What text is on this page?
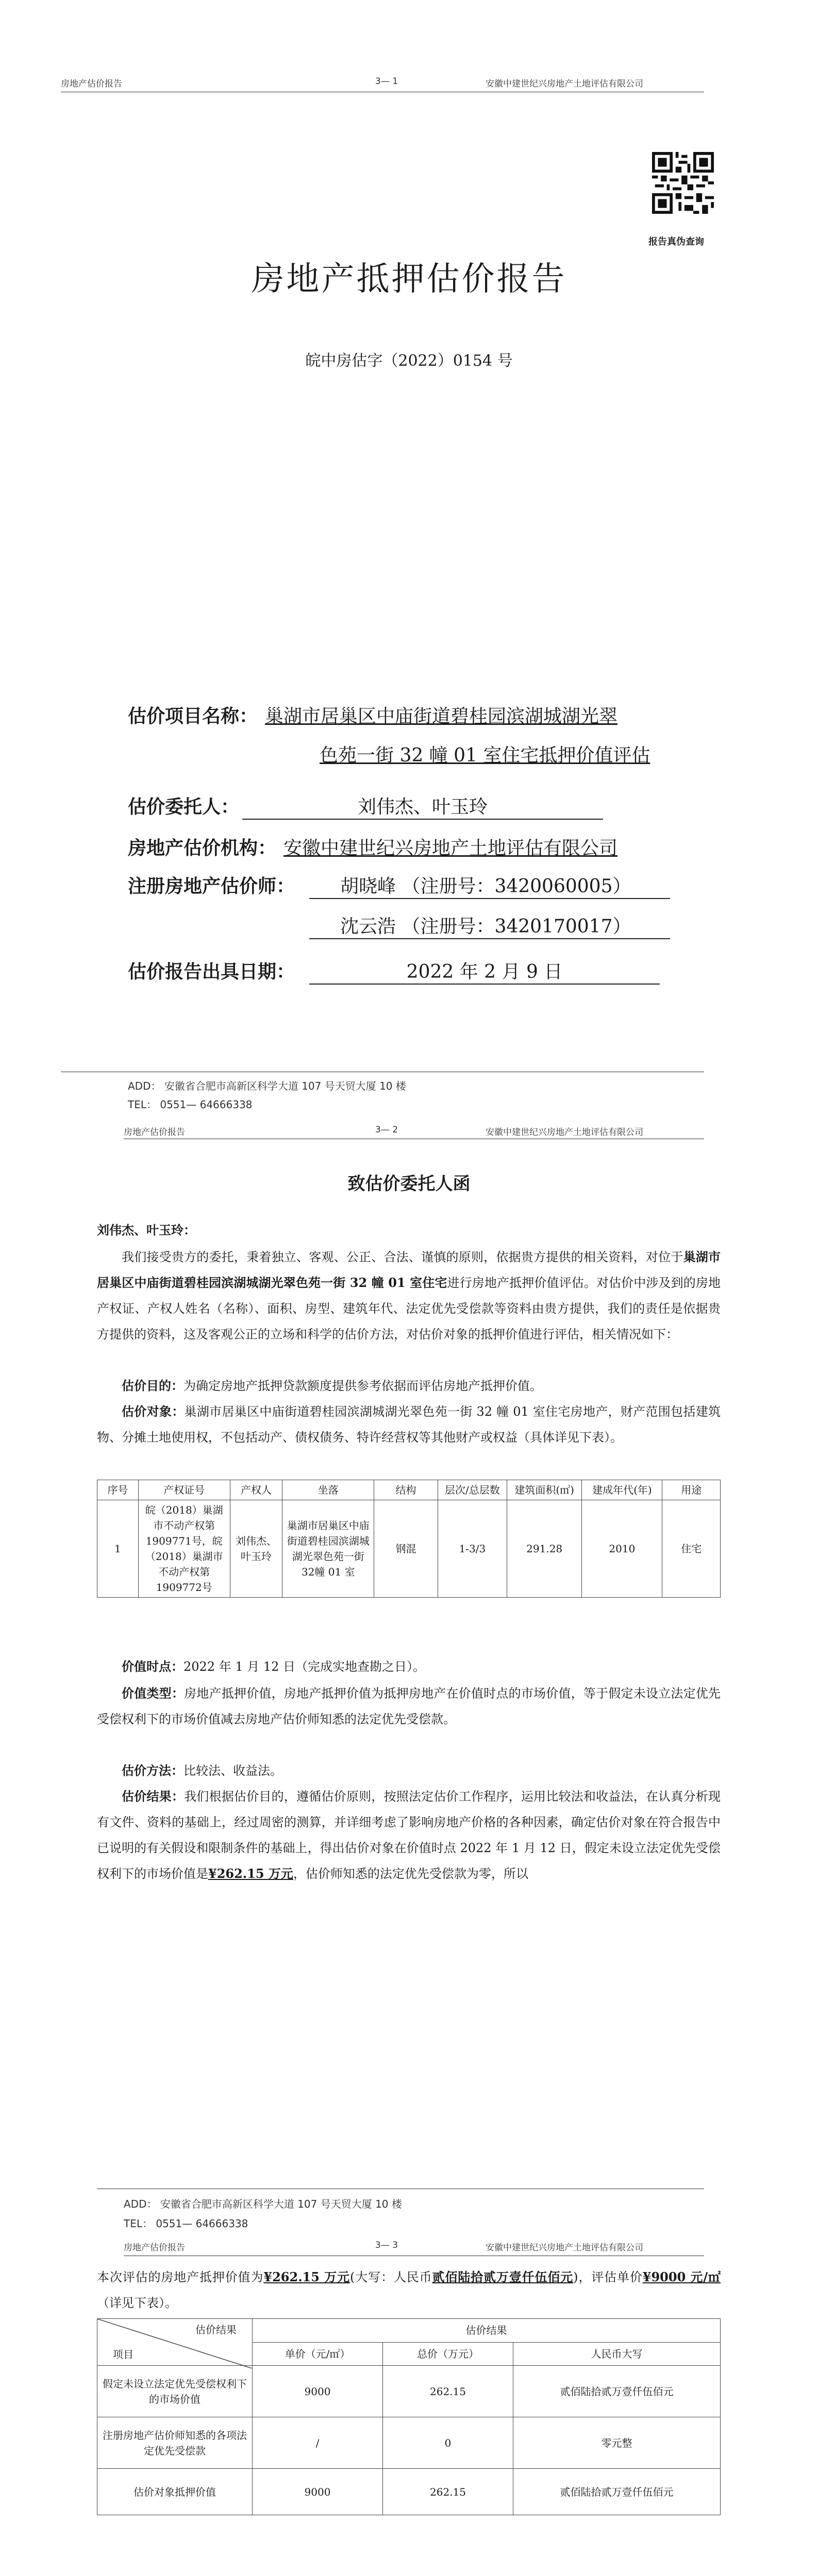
房地产估价报告	3— 1	安徽中建世纪兴房地产土地评估有限公司
报告真伪查询
房地产抵押估价报告
皖中房估字（2022）0154 号
估价项目名称： 巢湖市居巢区中庙街道碧桂园滨湖城湖光翠
色苑一街 32 幢 01 室住宅抵押价值评估
估价委托人：	刘伟杰、叶玉玲
房地产估价机构： 安徽中建世纪兴房地产土地评估有限公司
注册房地产估价师：	胡晓峰 （注册号：3420060005）
沈云浩 （注册号：3420170017）
估价报告出具日期：	2022 年 2 月 9 日
ADD： 安徽省合肥市高新区科学大道 107 号天贸大厦 10 楼
TEL： 0551— 64666338
房地产估价报告	3— 2	安徽中建世纪兴房地产土地评估有限公司
致估价委托人函
刘伟杰、叶玉玲：
我们接受贵方的委托，秉着独立、客观、公正、合法、谨慎的原则，依据贵方提供的相关资料，对位于巢湖市居巢区中庙街道碧桂园滨湖城湖光翠色苑一街 32 幢 01 室住宅进行房地产抵押价值评估。对估价中涉及到的房地产权证、产权人姓名（名称）、面积、房型、建筑年代、法定优先受偿款等资料由贵方提供，我们的责任是依据贵方提供的资料，这及客观公正的立场和科学的估价方法，对估价对象的抵押价值进行评估，相关情况如下：
估价目的：为确定房地产抵押贷款额度提供参考依据而评估房地产抵押价值。
估价对象：巢湖市居巢区中庙街道碧桂园滨湖城湖光翠色苑一街 32 幢 01 室住宅房地产，财产范围包括建筑物、分摊土地使用权，不包括动产、债权债务、特许经营权等其他财产或权益（具体详见下表）。
序号	产权证号	产权人	坐落	结构	层次/总层数	建筑面积(㎡)	建成年代(年)	用途
1	皖（2018）巢湖市不动产权第1909771号，皖（2018）巢湖市不动产权第1909772号	刘伟杰、叶玉玲	巢湖市居巢区中庙街道碧桂园滨湖城湖光翠色苑一街 32幢 01 室	钢混	1-3/3	291.28	2010	住宅
价值时点：2022 年 1 月 12 日（完成实地查勘之日）。
价值类型：房地产抵押价值，房地产抵押价值为抵押房地产在价值时点的市场价值，等于假定未设立法定优先受偿权利下的市场价值减去房地产估价师知悉的法定优先受偿款。
估价方法：比较法、收益法。
估价结果：我们根据估价目的，遵循估价原则，按照法定估价工作程序，运用比较法和收益法，在认真分析现有文件、资料的基础上，经过周密的测算，并详细考虑了影响房地产价格的各种因素，确定估价对象在符合报告中已说明的有关假设和限制条件的基础上，得出估价对象在价值时点 2022 年 1 月 12 日，假定未设立法定优先受偿权利下的市场价值是¥262.15 万元，估价师知悉的法定优先受偿款为零，所以
ADD： 安徽省合肥市高新区科学大道 107 号天贸大厦 10 楼
TEL： 0551— 64666338
房地产估价报告	3— 3	安徽中建世纪兴房地产土地评估有限公司
本次评估的房地产抵押价值为¥262.15 万元(大写：人民币贰佰陆拾贰万壹仟伍佰元)，评估单价¥9000 元/㎡（详见下表）。
估价结果
项目	估价结果		
	单价（元/㎡）	总价（万元）	人民币大写
假定未设立法定优先受偿权利下的市场价值	9000	262.15	贰佰陆拾贰万壹仟伍佰元
注册房地产估价师知悉的各项法定优先受偿款	/	0	零元整
估价对象抵押价值	9000	262.15	贰佰陆拾贰万壹仟伍佰元
